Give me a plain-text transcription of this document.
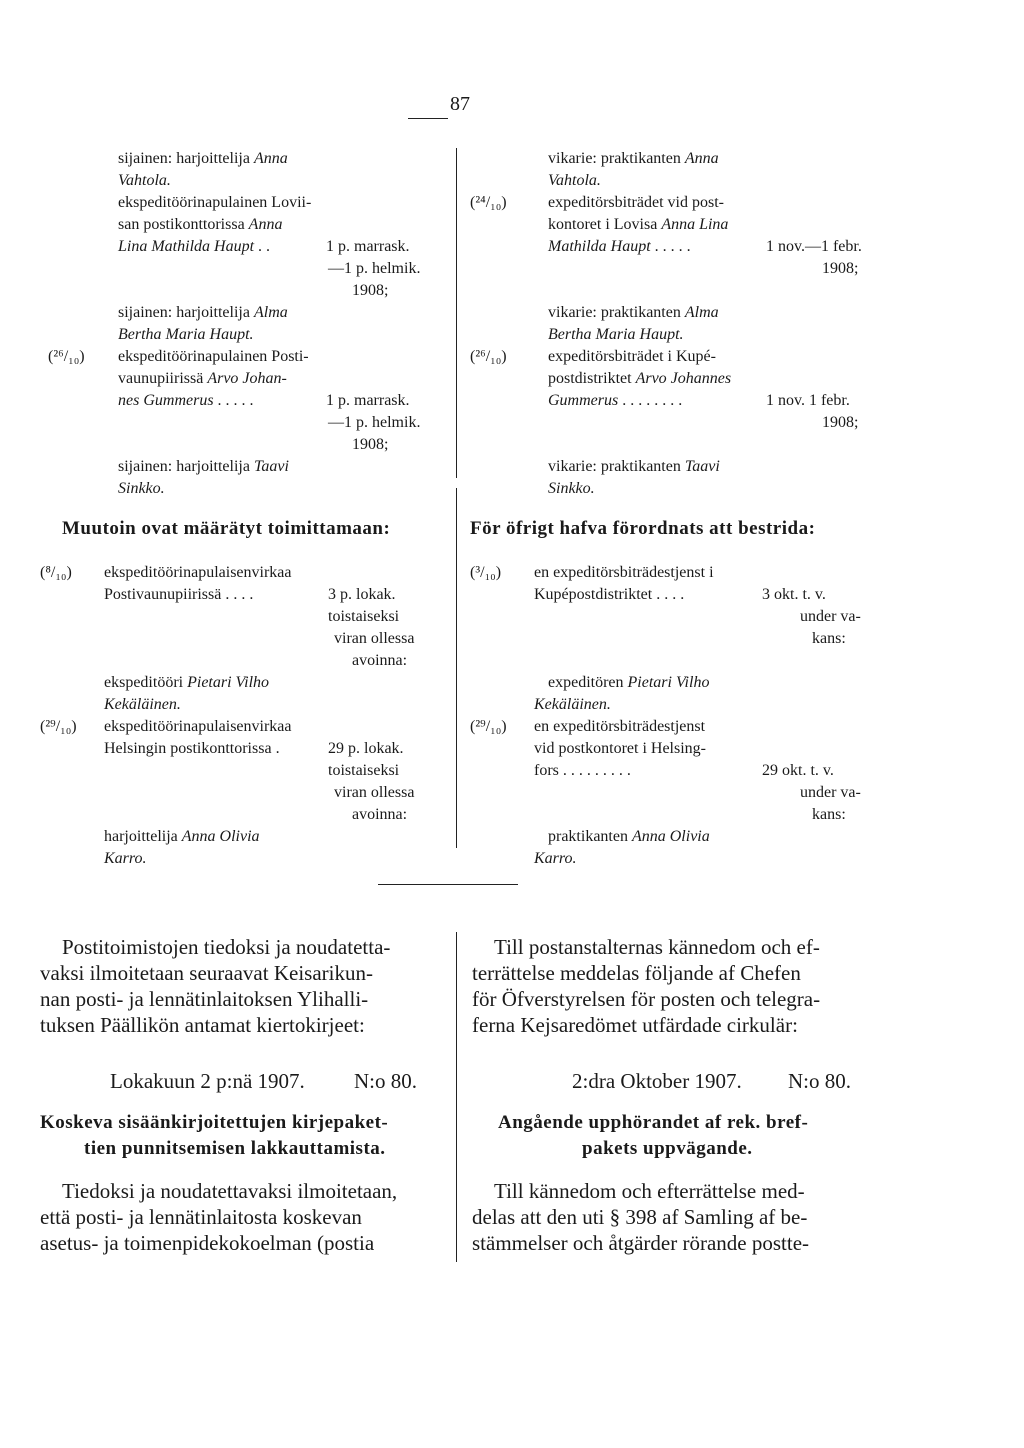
87
sijainen: harjoittelija Anna
Vahtola.
ekspeditöörinapulainen Lovii-
san postikonttorissa Anna
Lina Mathilda Haupt . .	1 p. marrask.
—1 p. helmik.
1908;
sijainen: harjoittelija Alma
Bertha Maria Haupt.
(²⁶/₁₀) ekspeditöörinapulainen Posti-
vaunupiirissä Arvo Johan-
nes Gummerus . . . . .	1 p. marrask.
—1 p. helmik.
1908;
sijainen: harjoittelija Taavi
Sinkko.
vikarie: praktikanten Anna
Vahtola.
(²⁴/₁₀)	expeditörsbiträdet vid post-
kontoret i Lovisa Anna Lina
Mathilda Haupt . . . . .	1 nov.—1 febr.
1908;
vikarie: praktikanten Alma
Bertha Maria Haupt.
(²⁶/₁₀)	expeditörsbiträdet i Kupé-
postdistriktet Arvo Johannes
Gummerus . . . . . . . .	1 nov. 1 febr.
1908;
vikarie: praktikanten Taavi
Sinkko.
Muutoin ovat määrätyt toimittamaan:	För öfrigt hafva förordnats att bestrida:
(⁸/₁₀) ekspeditöörinapulaisenvirkaa
Postivaunupiirissä . . . .	3 p. lokak.
toistaiseksi
viran ollessa
avoinna:
ekspeditööri Pietari Vilho
Kekäläinen.
(²⁹/₁₀) ekspeditöörinapulaisenvirkaa
Helsingin postikonttorissa .	29 p. lokak.
toistaiseksi
viran ollessa
avoinna:
harjoittelija Anna Olivia
Karro.
(³/₁₀) en expeditörsbiträdestjenst i
Kupépostdistriktet . . . .	3 okt. t. v.
under va-
kans:
expeditören Pietari Vilho
Kekäläinen.
(²⁹/₁₀) en expeditörsbiträdestjenst
vid postkontoret i Helsing-
fors . . . . . . . . .	29 okt. t. v.
under va-
kans:
praktikanten Anna Olivia
Karro.
Postitoimistojen tiedoksi ja noudatetta-
vaksi ilmoitetaan seuraavat Keisarikun-
nan posti- ja lennätinlaitoksen Ylihalli-
tuksen Päällikön antamat kiertokirjeet:
Lokakuun 2 p:nä 1907. N:o 80.
Koskeva sisäänkirjoitettujen kirjepaket-
tien punnitsemisen lakkauttamista.
Tiedoksi ja noudatettavaksi ilmoitetaan,
että posti- ja lennätinlaitosta koskevan
asetus- ja toimenpidekokoelman (postia
Till postanstalternas kännedom och ef-
terrättelse meddelas följande af Chefen
för Öfverstyrelsen för posten och telegra-
ferna Kejsaredömet utfärdade cirkulär:
2:dra Oktober 1907. N:o 80.
Angående upphörandet af rek. bref-
pakets uppvägande.
Till kännedom och efterrättelse med-
delas att den uti § 398 af Samling af be-
stämmelser och åtgärder rörande postte-
